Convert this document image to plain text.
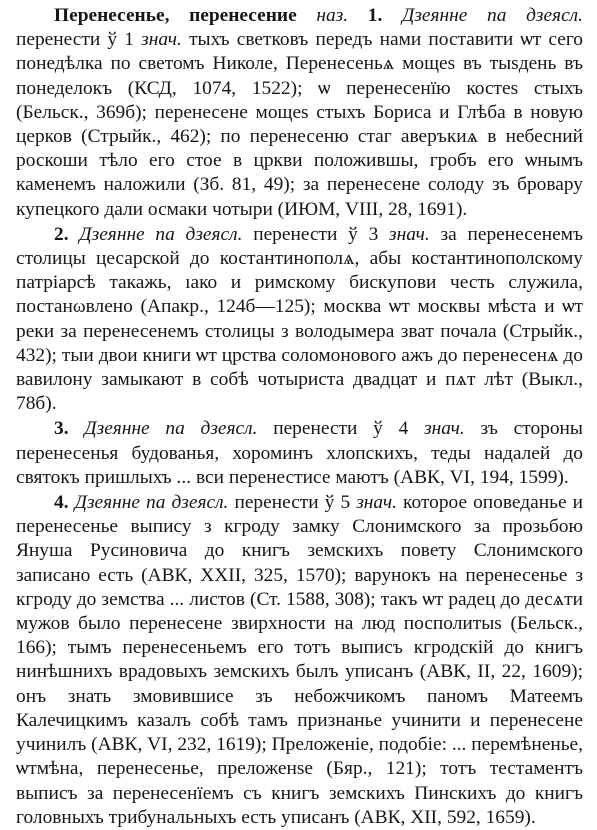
Перенесенье, перенесение наз. 1. Дзеянне па дзеясл. перенести ў 1 знач. тыхъ светковъ передъ нами поставити ѡт сего понедѣлка по светомъ Николе, Перенесеньѧ мощеѕ въ тыѕдень въ понеделокъ (КСД, 1074, 1522); ѡ перенесенїю костеѕ стыхъ (Бельск., 369б); перенесене мощеѕ стыхъ Бориса и Глѣба в новую церков (Стрыйк., 462); по перенесеню стаг аверъкиѧ в небесний роскоши тѣло его стое в цркви положившы, гробъ его ѡнымъ каменемъ наложили (Зб. 81, 49); за перенесене солоду зъ бровару купецкого дали осмаки чотыри (ИЮМ, VIII, 28, 1691).

2. Дзеянне па дзеясл. перенести ў 3 знач. за перенесенемъ столицы цесарской до костантинополѧ, абы костантинополскому патріарсѣ такажь, ıако и римскому бискупови честь служила, постанωвлено (Апакр., 124б—125); москва ѡт москвы мѣста и ѡт реки за перенесенемъ столицы з володымера зват почала (Стрыйк., 432); тыи двои книги ѡт црства соломонового ажъ до перенесенѧ до вавилону замыкают в собѣ чотыриста двадцат и пѧт лѣт (Выкл., 78б).

3. Дзеянне па дзеясл. перенести ў 4 знач. зъ стороны перенесенья будованья, хороминъ хлопскихъ, теды надалей до святокъ пришлыхъ ... вси перенестисе маютъ (АВК, VI, 194, 1599).

4. Дзеянне па дзеясл. перенести ў 5 знач. которое оповеданье и перенесенье выпису з кгроду замку Слонимского за прозьбою Януша Русиновича до книгъ земскихъ повету Слонимского записано есть (АВК, XXII, 325, 1570); варунокъ на перенесенье з кгроду до земства ... листов (Ст. 1588, 308); такъ ѡт радец до десѧти мужов было перенесене звирхности на люд посполитыѕ (Бельск., 166); тымъ перенесеньемъ его тотъ выписъ кгродскій до книгъ нинѣшнихъ врадовыхъ земскихъ былъ уписанъ (АВК, II, 22, 1609); онъ знать змовившисе зъ небожчикомъ паномъ Матеемъ Калечицкимъ казалъ собѣ тамъ признанье учинити и перенесене учинилъ (АВК, VI, 232, 1619); Преложеніе, подобіе: ... перемѣненье, ѡтмѣна, перенесенье, преложенѕе (Бяр., 121); тотъ тестаментъ выписъ за перенесенïемъ съ книгъ земскихъ Пинскихъ до книгъ головныхъ трибунальныхъ есть уписанъ (АВК, XII, 592, 1659).
